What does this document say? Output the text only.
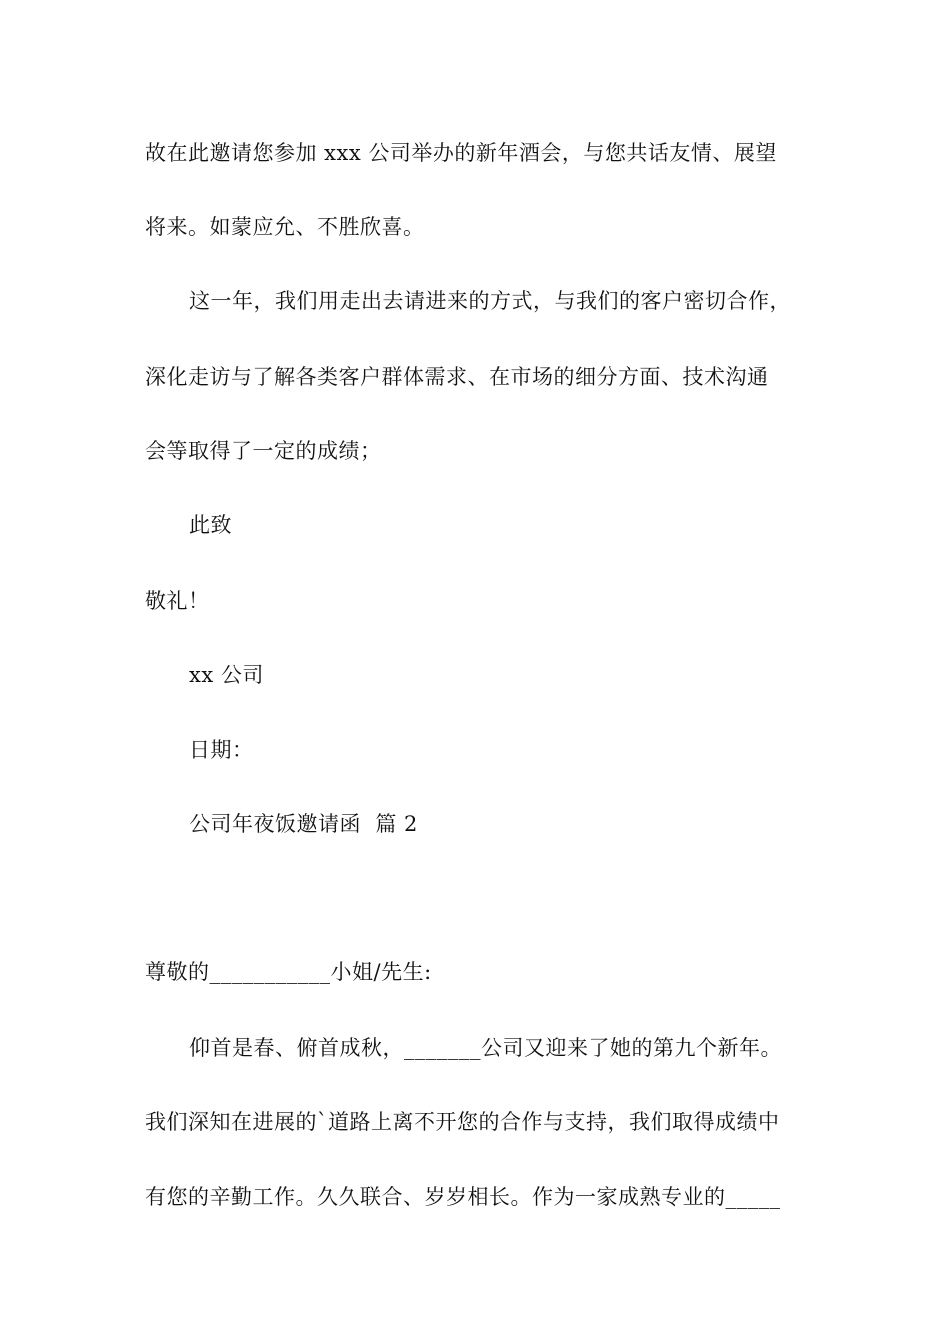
故在此邀请您参加 xxx 公司举办的新年酒会，与您共话友情、展望
将来。如蒙应允、不胜欣喜。
这一年，我们用走出去请进来的方式，与我们的客户密切合作，
深化走访与了解各类客户群体需求、在市场的细分方面、技术沟通
会等取得了一定的成绩；
此致
敬礼！
xx 公司
日期：
公司年夜饭邀请函  篇 2
尊敬的___________小姐/先生:
仰首是春、俯首成秋，_______公司又迎来了她的第九个新年。
我们深知在进展的`道路上离不开您的合作与支持，我们取得成绩中
有您的辛勤工作。久久联合、岁岁相长。作为一家成熟专业的_____
